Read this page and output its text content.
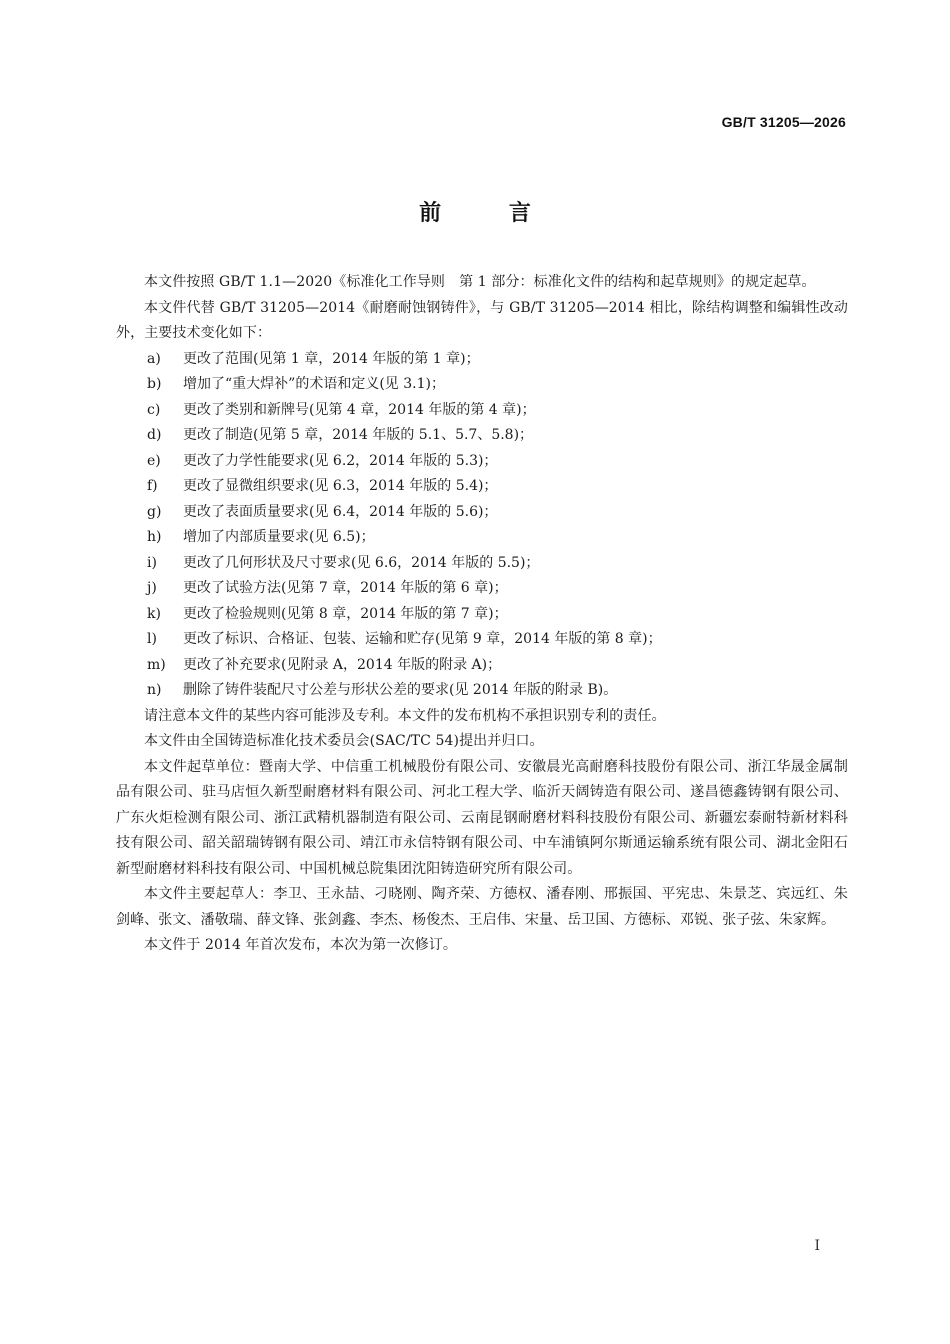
GB/T 31205—2026
前 言

本文件按照 GB/T 1.1—2020《标准化工作导则　第 1 部分：标准化文件的结构和起草规则》的规定起草。

本文件代替 GB/T 31205—2014《耐磨耐蚀钢铸件》，与 GB/T 31205—2014 相比，除结构调整和编辑性改动外，主要技术变化如下：

a)	更改了范围(见第 1 章，2014 年版的第 1 章)；
b)	增加了“重大焊补”的术语和定义(见 3.1)；
c)	更改了类别和新牌号(见第 4 章，2014 年版的第 4 章)；
d)	更改了制造(见第 5 章，2014 年版的 5.1、5.7、5.8)；
e)	更改了力学性能要求(见 6.2，2014 年版的 5.3)；
f)	更改了显微组织要求(见 6.3，2014 年版的 5.4)；
g)	更改了表面质量要求(见 6.4，2014 年版的 5.6)；
h)	增加了内部质量要求(见 6.5)；
i)	更改了几何形状及尺寸要求(见 6.6，2014 年版的 5.5)；
j)	更改了试验方法(见第 7 章，2014 年版的第 6 章)；
k)	更改了检验规则(见第 8 章，2014 年版的第 7 章)；
l)	更改了标识、合格证、包装、运输和贮存(见第 9 章，2014 年版的第 8 章)；
m)	更改了补充要求(见附录 A，2014 年版的附录 A)；
n)	删除了铸件装配尺寸公差与形状公差的要求(见 2014 年版的附录 B)。

请注意本文件的某些内容可能涉及专利。本文件的发布机构不承担识别专利的责任。

本文件由全国铸造标准化技术委员会(SAC/TC 54)提出并归口。

本文件起草单位：暨南大学、中信重工机械股份有限公司、安徽晨光高耐磨科技股份有限公司、浙江华晟金属制品有限公司、驻马店恒久新型耐磨材料有限公司、河北工程大学、临沂天阔铸造有限公司、遂昌德鑫铸钢有限公司、广东火炬检测有限公司、浙江武精机器制造有限公司、云南昆钢耐磨材料科技股份有限公司、新疆宏泰耐特新材料科技有限公司、韶关韶瑞铸钢有限公司、靖江市永信特钢有限公司、中车浦镇阿尔斯通运输系统有限公司、湖北金阳石新型耐磨材料科技有限公司、中国机械总院集团沈阳铸造研究所有限公司。

本文件主要起草人：李卫、王永喆、刁晓刚、陶齐荣、方德权、潘春刚、邢振国、平宪忠、朱景芝、宾远红、朱剑峰、张文、潘敬瑞、薛文锋、张剑鑫、李杰、杨俊杰、王启伟、宋量、岳卫国、方德标、邓锐、张子弦、朱家辉。

本文件于 2014 年首次发布，本次为第一次修订。

I
